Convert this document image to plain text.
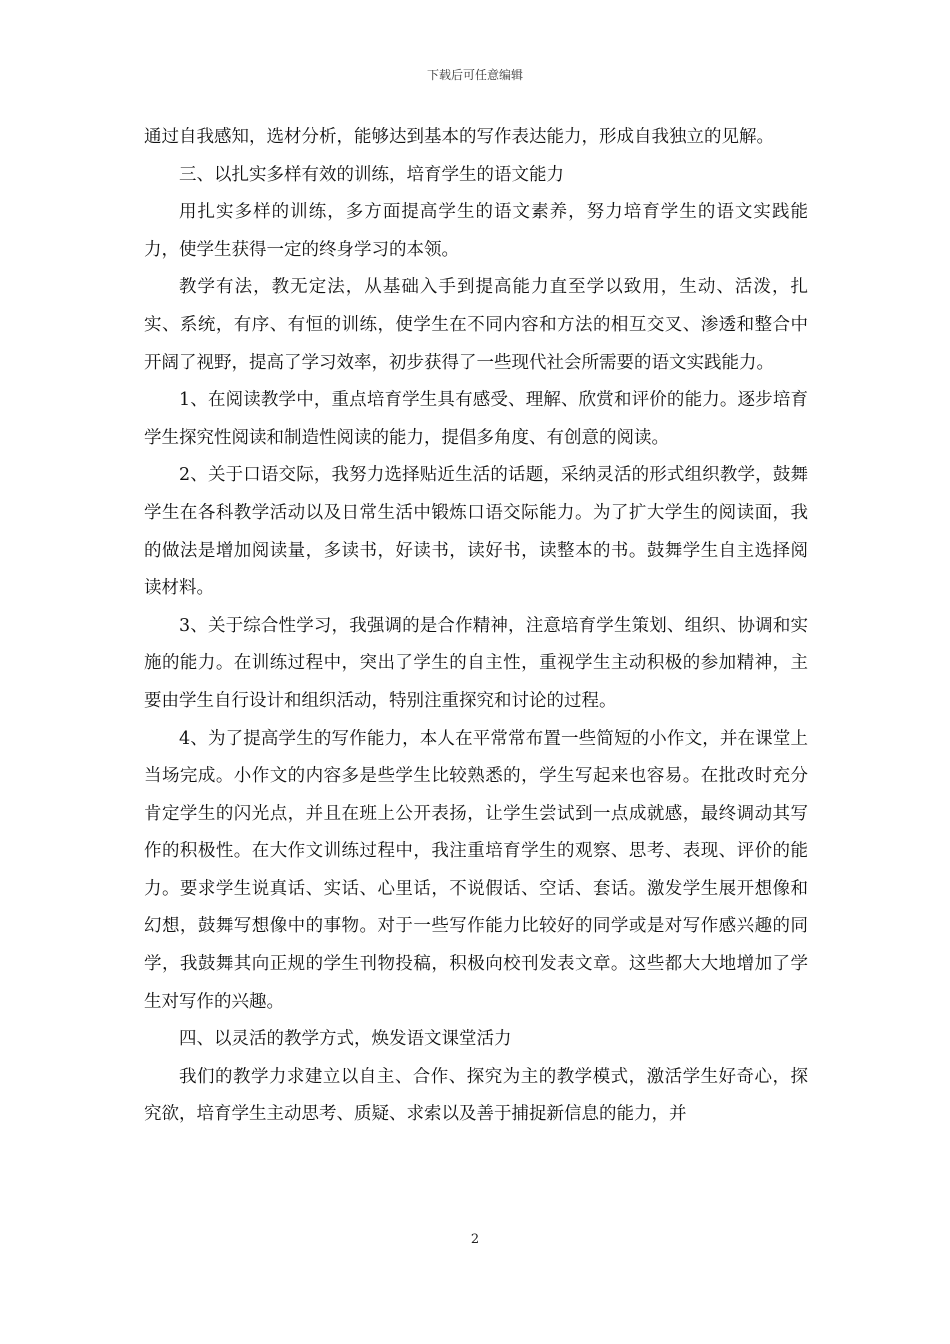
下载后可任意编辑

通过自我感知，选材分析，能够达到基本的写作表达能力，形成自我独立的见解。

三、以扎实多样有效的训练，培育学生的语文能力

用扎实多样的训练，多方面提高学生的语文素养，努力培育学生的语文实践能力，使学生获得一定的终身学习的本领。

教学有法，教无定法，从基础入手到提高能力直至学以致用，生动、活泼，扎实、系统，有序、有恒的训练，使学生在不同内容和方法的相互交叉、渗透和整合中开阔了视野，提高了学习效率，初步获得了一些现代社会所需要的语文实践能力。

1、在阅读教学中，重点培育学生具有感受、理解、欣赏和评价的能力。逐步培育学生探究性阅读和制造性阅读的能力，提倡多角度、有创意的阅读。

2、关于口语交际，我努力选择贴近生活的话题，采纳灵活的形式组织教学，鼓舞学生在各科教学活动以及日常生活中锻炼口语交际能力。为了扩大学生的阅读面，我的做法是增加阅读量，多读书，好读书，读好书，读整本的书。鼓舞学生自主选择阅读材料。

3、关于综合性学习，我强调的是合作精神，注意培育学生策划、组织、协调和实施的能力。在训练过程中，突出了学生的自主性，重视学生主动积极的参加精神，主要由学生自行设计和组织活动，特别注重探究和讨论的过程。

4、为了提高学生的写作能力，本人在平常常布置一些简短的小作文，并在课堂上当场完成。小作文的内容多是些学生比较熟悉的，学生写起来也容易。在批改时充分肯定学生的闪光点，并且在班上公开表扬，让学生尝试到一点成就感，最终调动其写作的积极性。在大作文训练过程中，我注重培育学生的观察、思考、表现、评价的能力。要求学生说真话、实话、心里话，不说假话、空话、套话。激发学生展开想像和幻想，鼓舞写想像中的事物。对于一些写作能力比较好的同学或是对写作感兴趣的同学，我鼓舞其向正规的学生刊物投稿，积极向校刊发表文章。这些都大大地增加了学生对写作的兴趣。

四、以灵活的教学方式，焕发语文课堂活力

我们的教学力求建立以自主、合作、探究为主的教学模式，激活学生好奇心，探究欲，培育学生主动思考、质疑、求索以及善于捕捉新信息的能力，并

2
